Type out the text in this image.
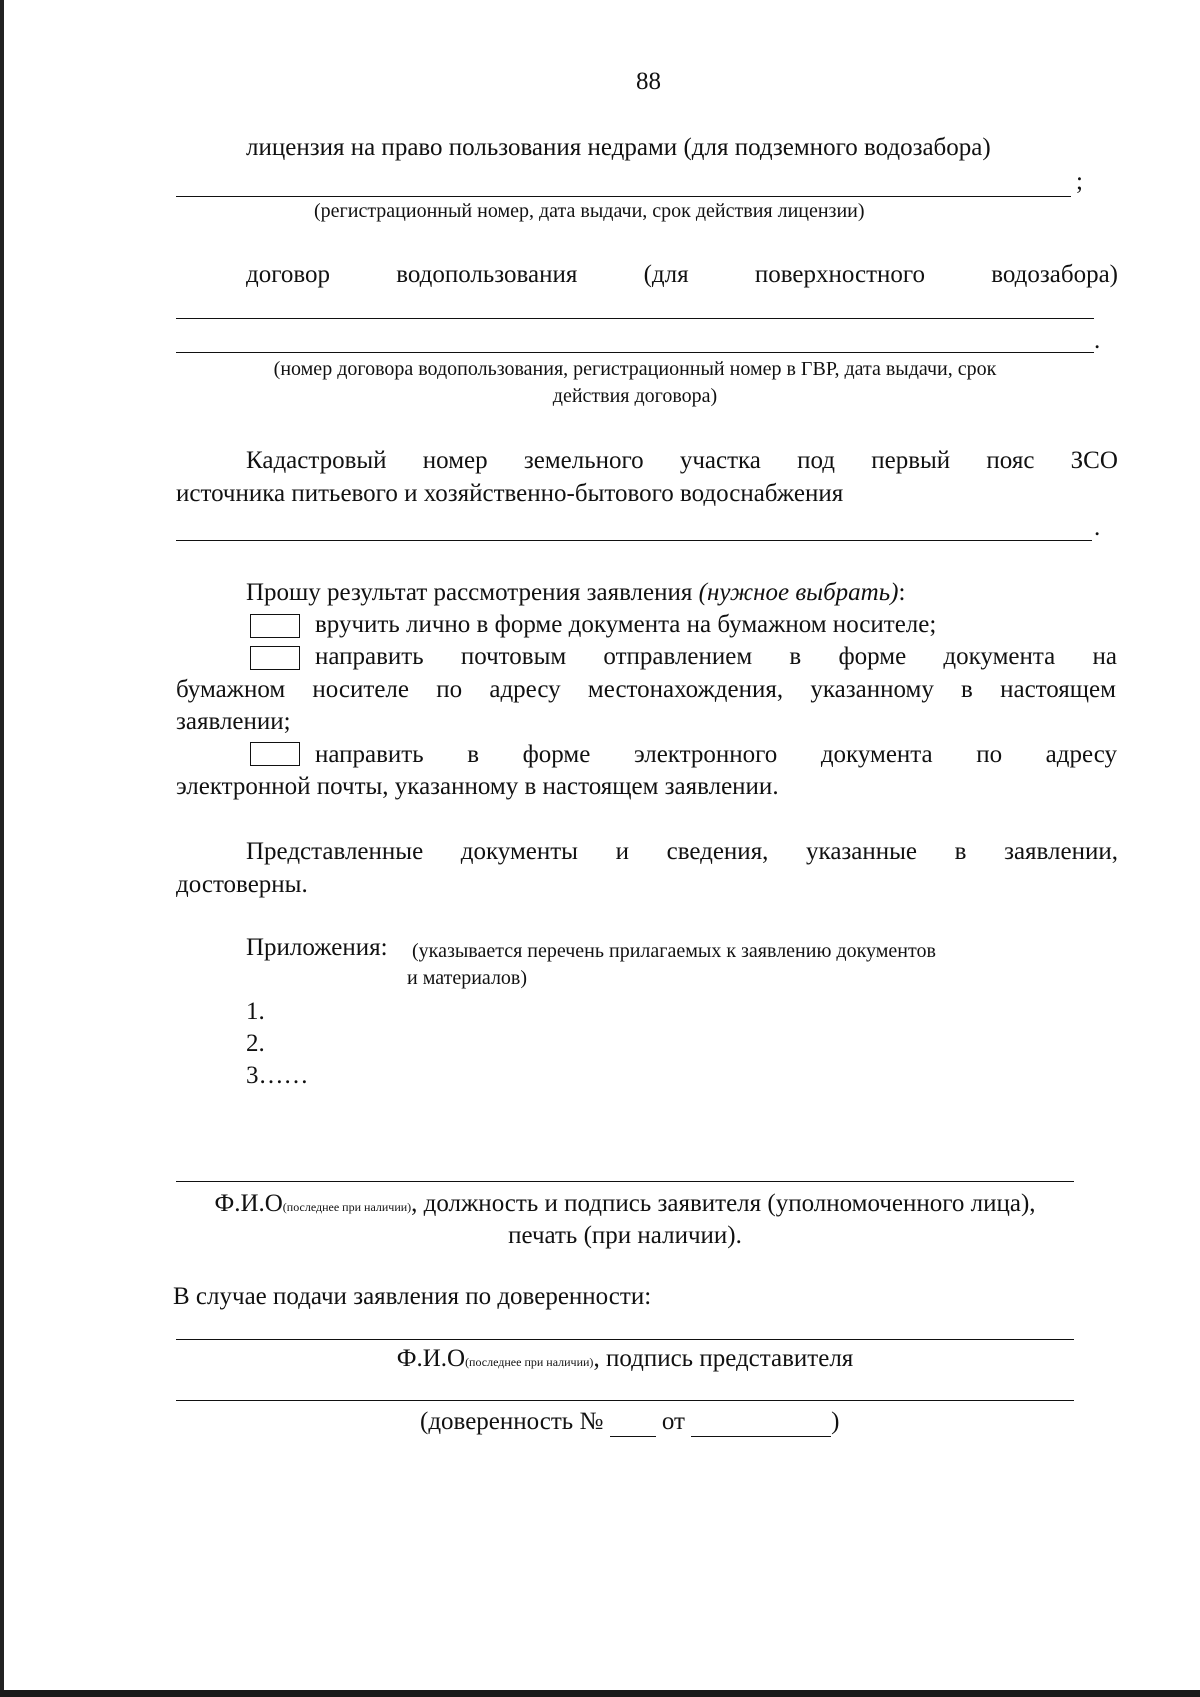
88
лицензия на право пользования недрами (для подземного водозабора)
;
(регистрационный номер, дата выдачи, срок действия лицензии)
договор	водопользования	(для	поверхностного	водозабора)
.
(номер договора водопользования, регистрационный номер в ГВР, дата выдачи, срок
действия договора)
Кадастровый номер земельного участка под первый пояс ЗСО
источника питьевого и хозяйственно-бытового водоснабжения
.
Прошу результат рассмотрения заявления (нужное выбрать):
вручить лично в форме документа на бумажном носителе;
направить почтовым отправлением в форме документа на
бумажном носителе по адресу местонахождения, указанному в настоящем
заявлении;
направить в форме электронного документа по адресу
электронной почты, указанному в настоящем заявлении.
Представленные документы и сведения, указанные в заявлении,
достоверны.
Приложения: (указывается перечень прилагаемых к заявлению документов
и материалов)
1.
2.
3……
Ф.И.О(последнее при наличии), должность и подпись заявителя (уполномоченного лица),
печать (при наличии).
В случае подачи заявления по доверенности:
Ф.И.О(последнее при наличии), подпись представителя
(доверенность № от	)
